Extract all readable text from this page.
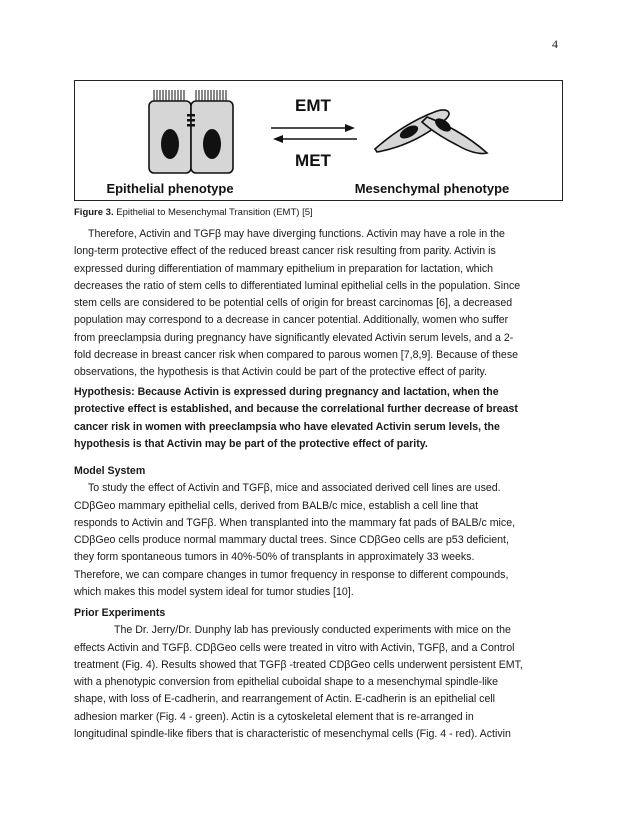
4
EMT
MET
Epithelial phenotype	Mesenchymal phenotype
Figure 3. Epithelial to Mesenchymal Transition (EMT) [5]
Therefore, Activin and TGFβ may have diverging functions. Activin may have a role in the
long-term protective effect of the reduced breast cancer risk resulting from parity. Activin is
expressed during differentiation of mammary epithelium in preparation for lactation, which
decreases the ratio of stem cells to differentiated luminal epithelial cells in the population. Since
stem cells are considered to be potential cells of origin for breast carcinomas [6], a decreased
population may correspond to a decrease in cancer potential. Additionally, women who suffer
from preeclampsia during pregnancy have significantly elevated Activin serum levels, and a 2-
fold decrease in breast cancer risk when compared to parous women [7,8,9]. Because of these
observations, the hypothesis is that Activin could be part of the protective effect of parity.
Hypothesis: Because Activin is expressed during pregnancy and lactation, when the
protective effect is established, and because the correlational further decrease of breast
cancer risk in women with preeclampsia who have elevated Activin serum levels, the
hypothesis is that Activin may be part of the protective effect of parity.
Model System
To study the effect of Activin and TGFβ, mice and associated derived cell lines are used.
CDβGeo mammary epithelial cells, derived from BALB/c mice, establish a cell line that
responds to Activin and TGFβ. When transplanted into the mammary fat pads of BALB/c mice,
CDβGeo cells produce normal mammary ductal trees. Since CDβGeo cells are p53 deficient,
they form spontaneous tumors in 40%-50% of transplants in approximately 33 weeks.
Therefore, we can compare changes in tumor frequency in response to different compounds,
which makes this model system ideal for tumor studies [10].
Prior Experiments
The Dr. Jerry/Dr. Dunphy lab has previously conducted experiments with mice on the
effects Activin and TGFβ. CDβGeo cells were treated in vitro with Activin, TGFβ, and a Control
treatment (Fig. 4). Results showed that TGFβ -treated CDβGeo cells underwent persistent EMT,
with a phenotypic conversion from epithelial cuboidal shape to a mesenchymal spindle-like
shape, with loss of E-cadherin, and rearrangement of Actin. E-cadherin is an epithelial cell
adhesion marker (Fig. 4 - green). Actin is a cytoskeletal element that is re-arranged in
longitudinal spindle-like fibers that is characteristic of mesenchymal cells (Fig. 4 - red). Activin
